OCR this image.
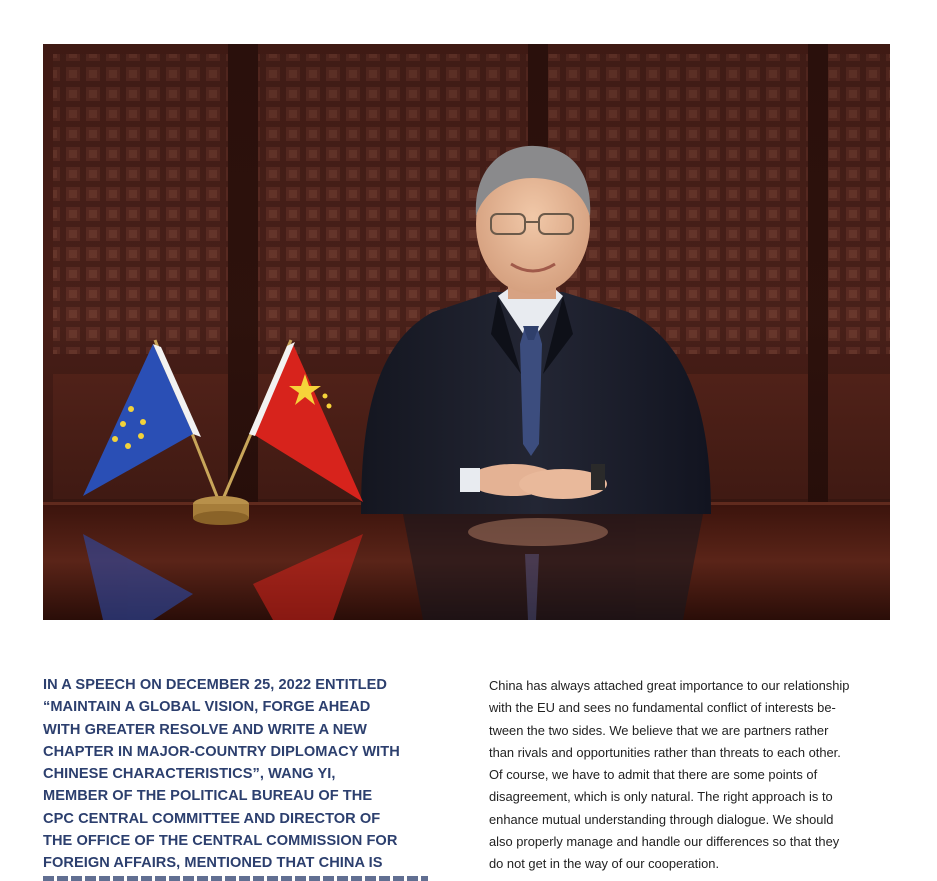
IN A SPEECH ON DECEMBER 25, 2022 ENTITLED
“MAINTAIN A GLOBAL VISION, FORGE AHEAD
WITH GREATER RESOLVE AND WRITE A NEW
CHAPTER IN MAJOR-COUNTRY DIPLOMACY WITH
CHINESE CHARACTERISTICS”, WANG YI,
MEMBER OF THE POLITICAL BUREAU OF THE
CPC CENTRAL COMMITTEE AND DIRECTOR OF
THE OFFICE OF THE CENTRAL COMMISSION FOR
FOREIGN AFFAIRS, MENTIONED THAT CHINA IS

China has always attached great importance to our relationship
with the EU and sees no fundamental conflict of interests be-
tween the two sides. We believe that we are partners rather
than rivals and opportunities rather than threats to each other.
Of course, we have to admit that there are some points of
disagreement, which is only natural. The right approach is to
enhance mutual understanding through dialogue. We should
also properly manage and handle our differences so that they
do not get in the way of our cooperation.
